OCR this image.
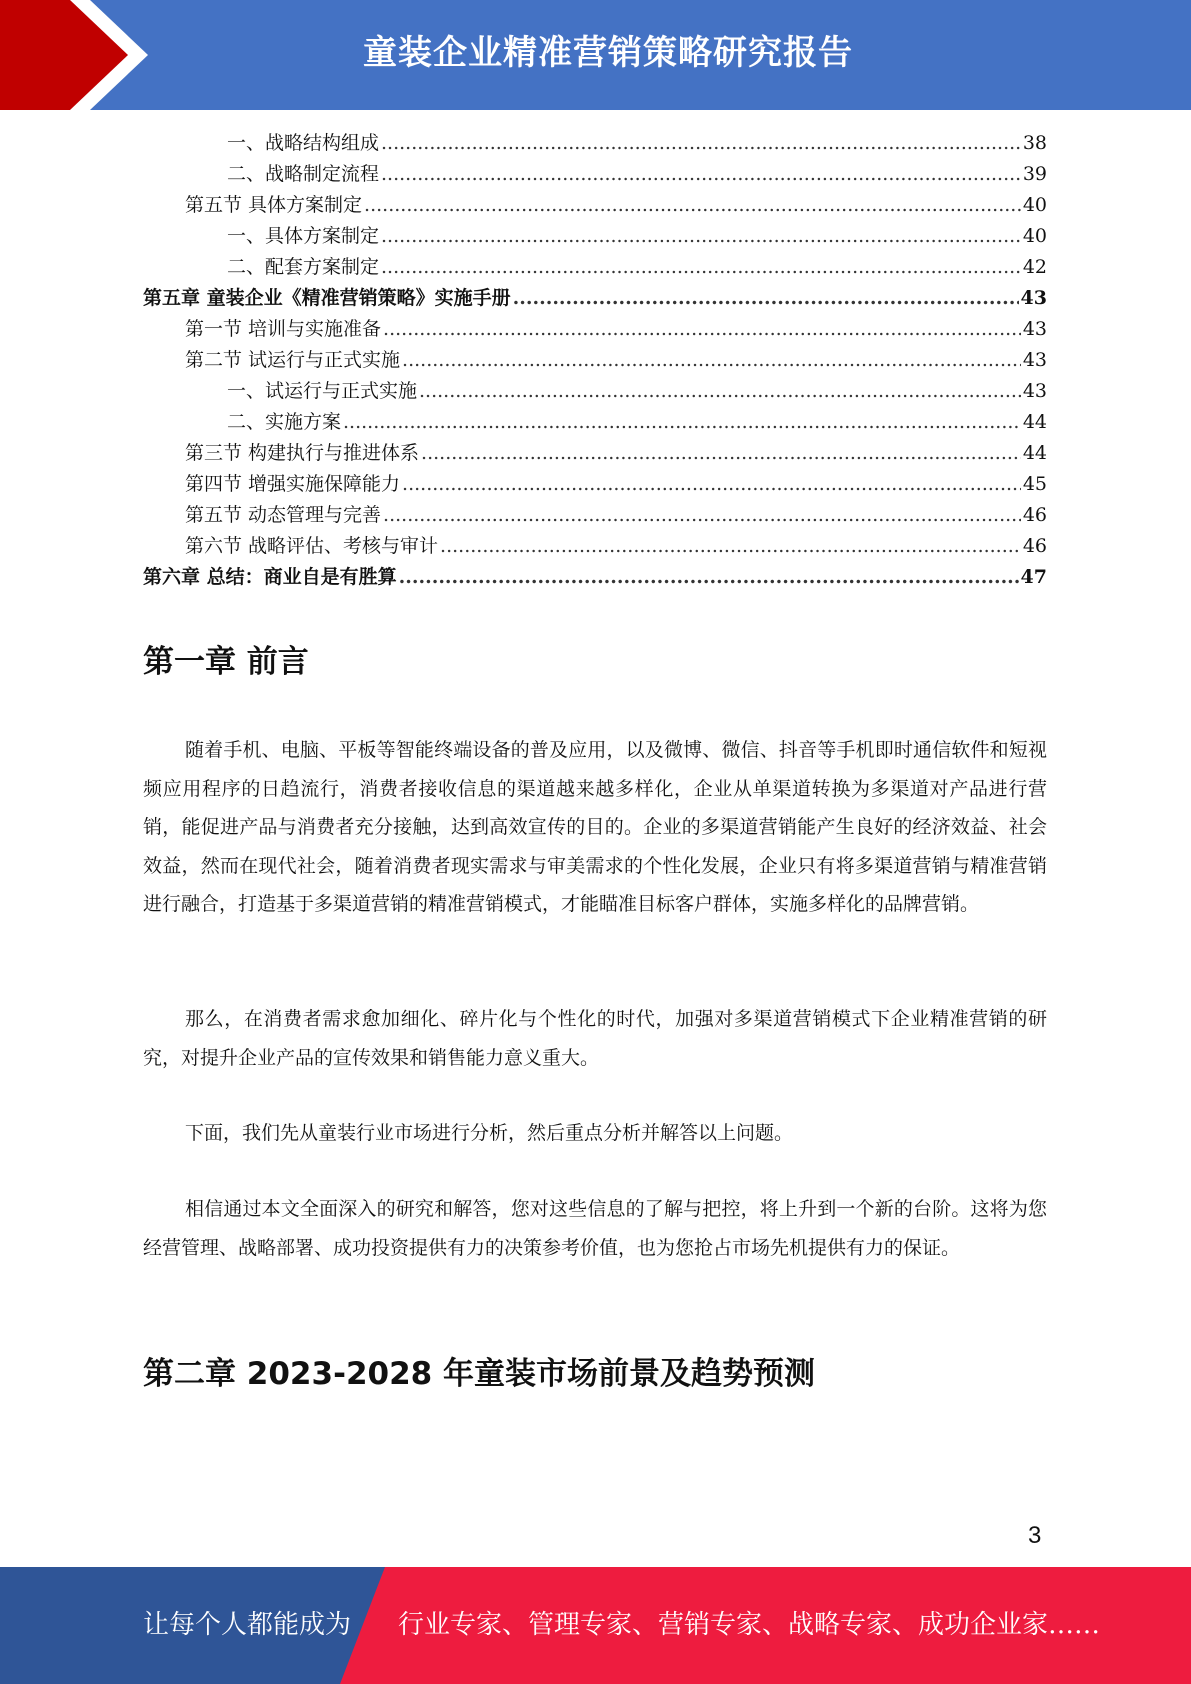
童装企业精准营销策略研究报告
一、战略结构组成 .....	38
二、战略制定流程 .....	39
第五节 具体方案制定 .....	40
一、具体方案制定 .....	40
二、配套方案制定 .....	42
第五章 童装企业《精准营销策略》实施手册 .....	43
第一节 培训与实施准备 .....	43
第二节 试运行与正式实施 .....	43
一、试运行与正式实施 .....	43
二、实施方案 .....	44
第三节 构建执行与推进体系 .....	44
第四节 增强实施保障能力 .....	45
第五节 动态管理与完善 .....	46
第六节 战略评估、考核与审计 .....	46
第六章 总结：商业自是有胜算 .....	47
第一章 前言

随着手机、电脑、平板等智能终端设备的普及应用，以及微博、微信、抖音等手机即时通信软件和短视频应用程序的日趋流行，消费者接收信息的渠道越来越多样化，企业从单渠道转换为多渠道对产品进行营销，能促进产品与消费者充分接触，达到高效宣传的目的。企业的多渠道营销能产生良好的经济效益、社会效益，然而在现代社会，随着消费者现实需求与审美需求的个性化发展，企业只有将多渠道营销与精准营销进行融合，打造基于多渠道营销的精准营销模式，才能瞄准目标客户群体，实施多样化的品牌营销。

那么，在消费者需求愈加细化、碎片化与个性化的时代，加强对多渠道营销模式下企业精准营销的研究，对提升企业产品的宣传效果和销售能力意义重大。

下面，我们先从童装行业市场进行分析，然后重点分析并解答以上问题。

相信通过本文全面深入的研究和解答，您对这些信息的了解与把控，将上升到一个新的台阶。这将为您经营管理、战略部署、成功投资提供有力的决策参考价值，也为您抢占市场先机提供有力的保证。

第二章 2023-2028 年童装市场前景及趋势预测
3
让每个人都能成为 行业专家、管理专家、营销专家、战略专家、成功企业家……
